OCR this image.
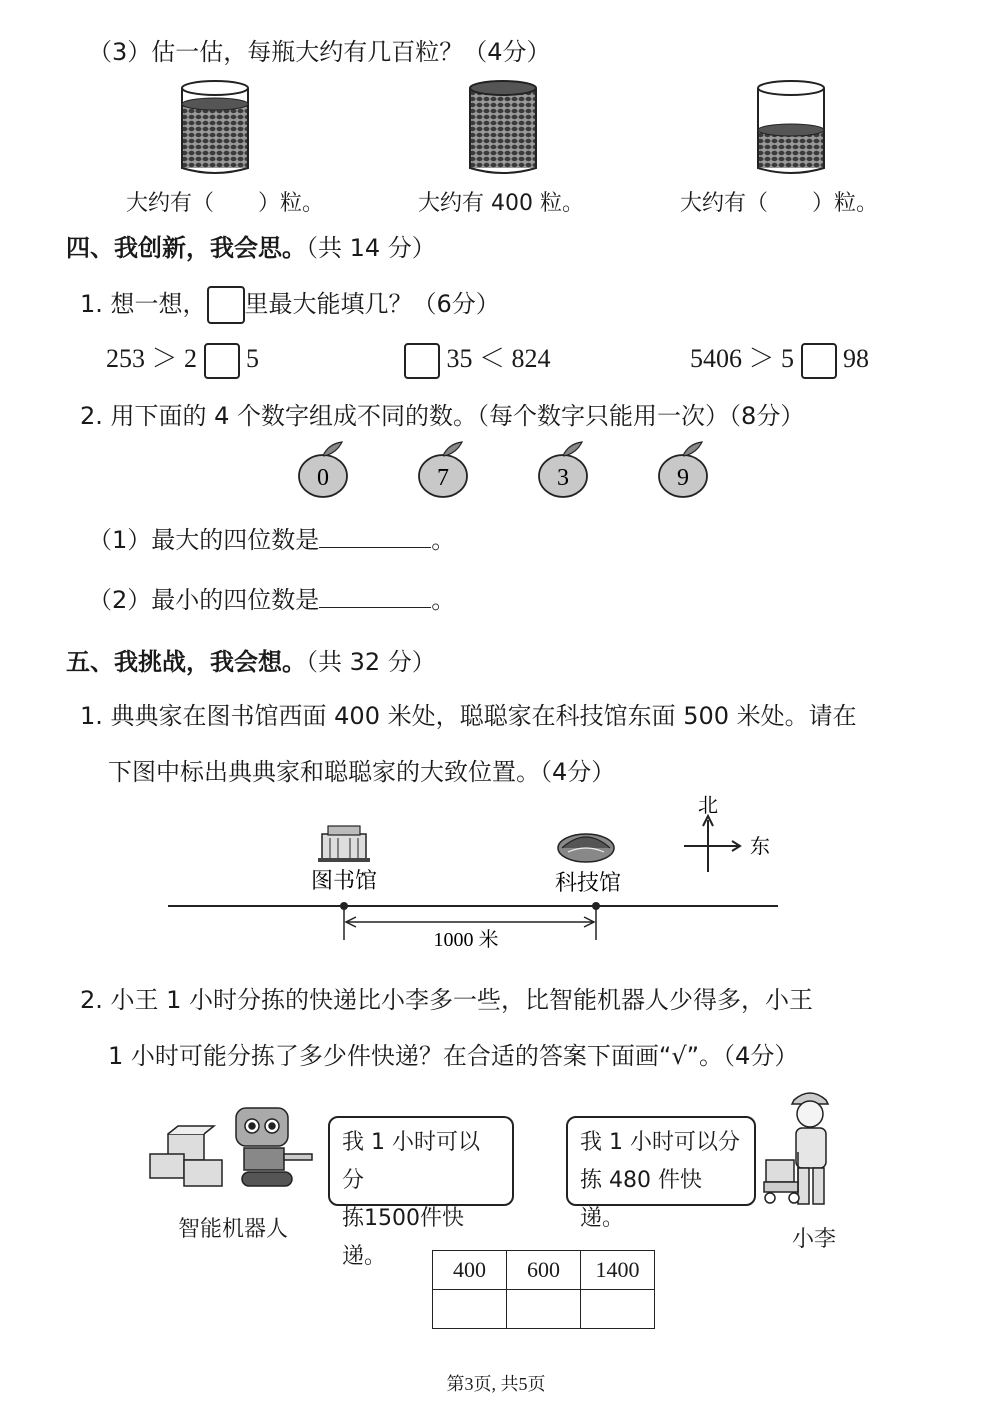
（3）估一估，每瓶大约有几百粒？（4分）
大约有（　　）粒。	大约有 400 粒。	大约有（　　）粒。
四、我创新，我会思。（共 14 分）
1. 想一想， 里最大能填几？（6分）
253 ＞ 2 5	35 ＜ 824	5406 ＞ 5 98
2. 用下面的 4 个数字组成不同的数。（每个数字只能用一次）（8分）
0	7	3	9
（1）最大的四位数是	。
（2）最小的四位数是	。
五、我挑战，我会想。（共 32 分）
1. 典典家在图书馆西面 400 米处，聪聪家在科技馆东面 500 米处。请在
下图中标出典典家和聪聪家的大致位置。（4分）
图书馆	科技馆
北
东
1000 米
2. 小王 1 小时分拣的快递比小李多一些，比智能机器人少得多，小王
1 小时可能分拣了多少件快递？在合适的答案下面画“√”。（4分）
我 1 小时可以分
拣1500件快递。
智能机器人
我 1 小时可以分
拣 480 件快递。
小李
400	600	1400

第3页, 共5页
